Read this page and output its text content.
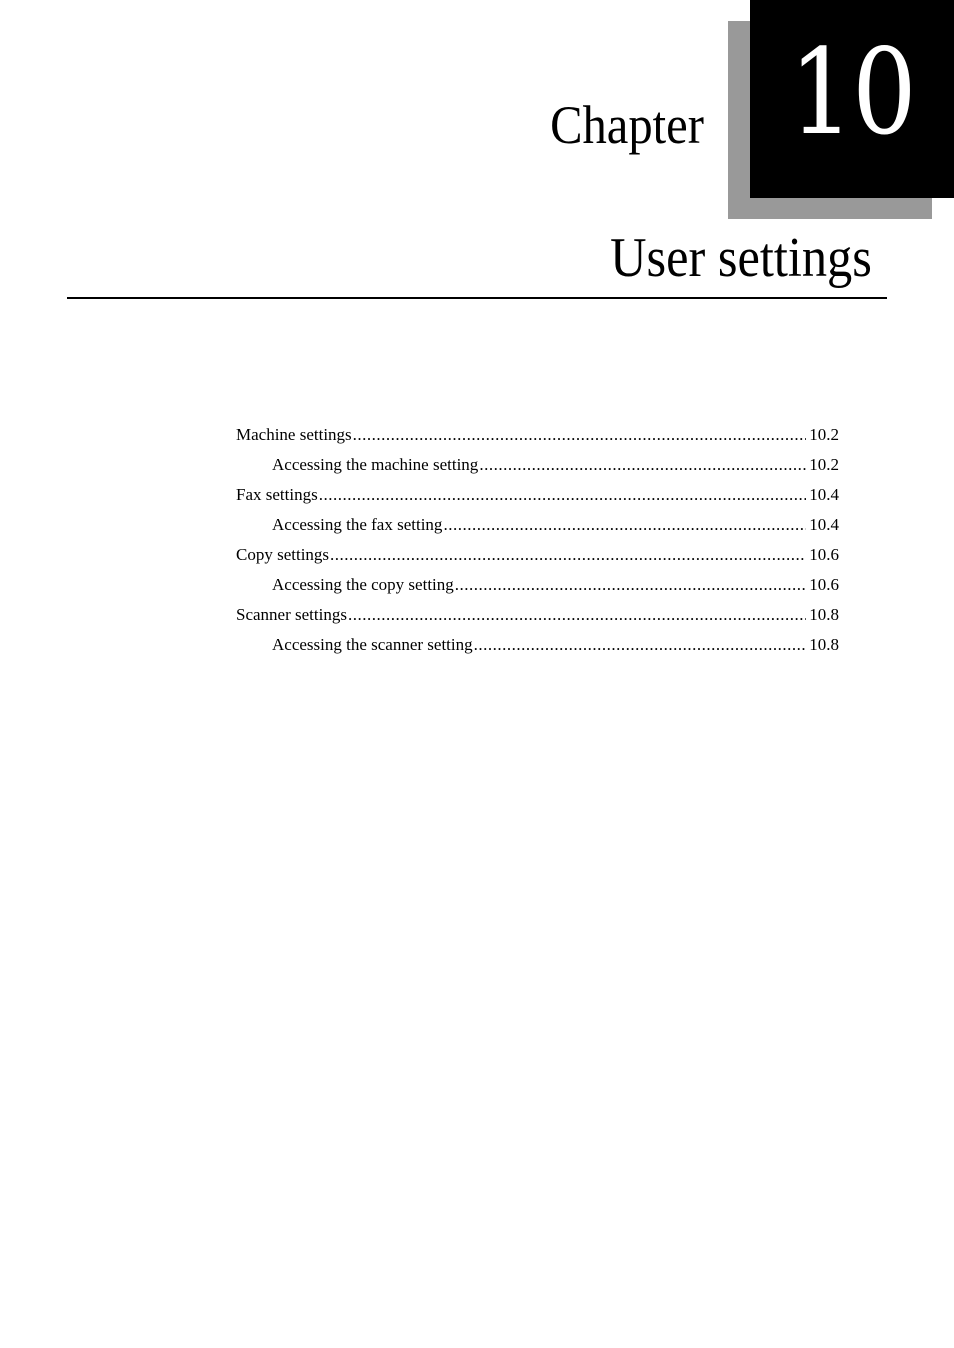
10
Chapter
User settings
Machine settings .....	10.2
Accessing the machine setting .....	10.2
Fax settings .....	10.4
Accessing the fax setting .....	10.4
Copy settings .....	10.6
Accessing the copy setting .....	10.6
Scanner settings .....	10.8
Accessing the scanner setting .....	10.8
